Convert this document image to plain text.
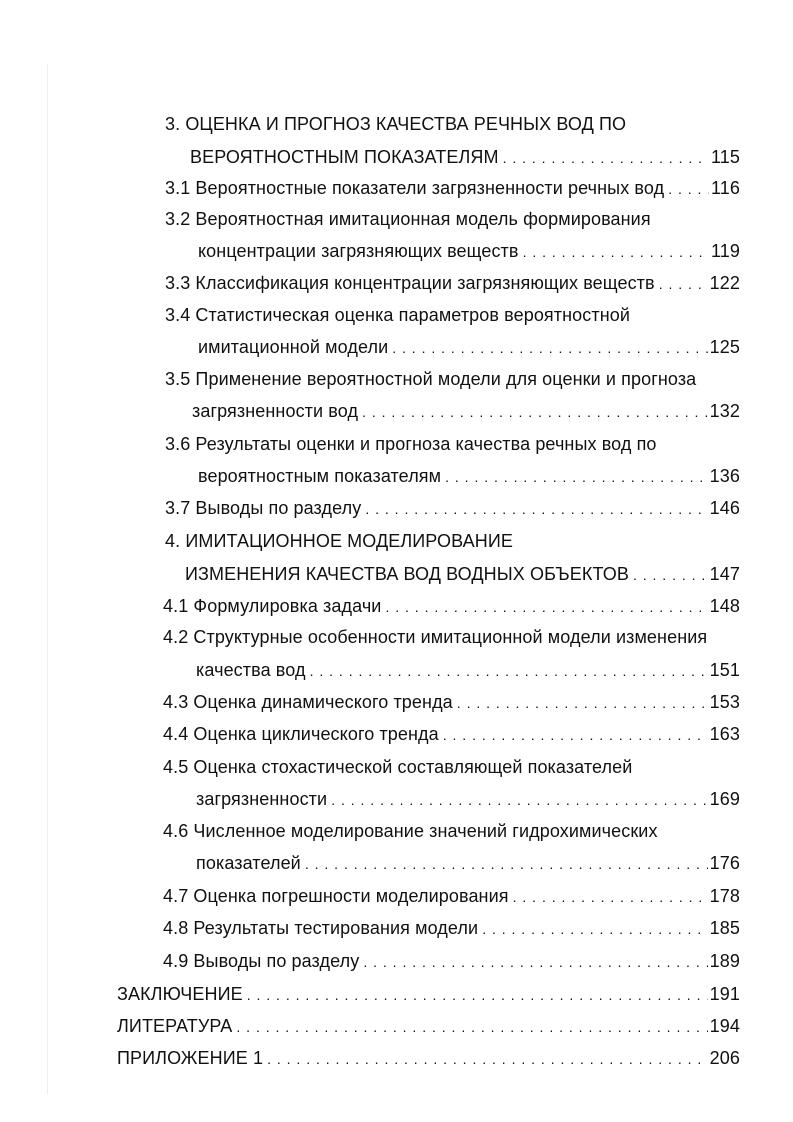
3. ОЦЕНКА И ПРОГНОЗ КАЧЕСТВА РЕЧНЫХ ВОД ПО
ВЕРОЯТНОСТНЫМ ПОКАЗАТЕЛЯМ . . .	115
3.1 Вероятностные показатели загрязненности речных вод . . .	116
3.2 Вероятностная имитационная модель формирования
концентрации загрязняющих веществ . . .	119
3.3 Классификация концентрации загрязняющих веществ . . .	122
3.4 Статистическая оценка параметров вероятностной
имитационной модели . . .	125
3.5 Применение вероятностной модели для оценки и прогноза
загрязненности вод . . .	132
3.6 Результаты оценки и прогноза качества речных вод по
вероятностным показателям . . .	136
3.7 Выводы по разделу . . .	146
4. ИМИТАЦИОННОЕ МОДЕЛИРОВАНИЕ
ИЗМЕНЕНИЯ КАЧЕСТВА ВОД ВОДНЫХ ОБЪЕКТОВ . . .	147
4.1 Формулировка задачи . . .	148
4.2 Структурные особенности имитационной модели изменения
качества вод . . .	151
4.3 Оценка динамического тренда . . .	153
4.4 Оценка циклического тренда . . .	163
4.5 Оценка стохастической составляющей показателей
загрязненности . . .	169
4.6 Численное моделирование значений гидрохимических
показателей . . .	176
4.7 Оценка погрешности моделирования . . .	178
4.8 Результаты тестирования модели . . .	185
4.9 Выводы по разделу . . .	189
ЗАКЛЮЧЕНИЕ . . .	191
ЛИТЕРАТУРА . . .	194
ПРИЛОЖЕНИЕ 1 . . .	206
